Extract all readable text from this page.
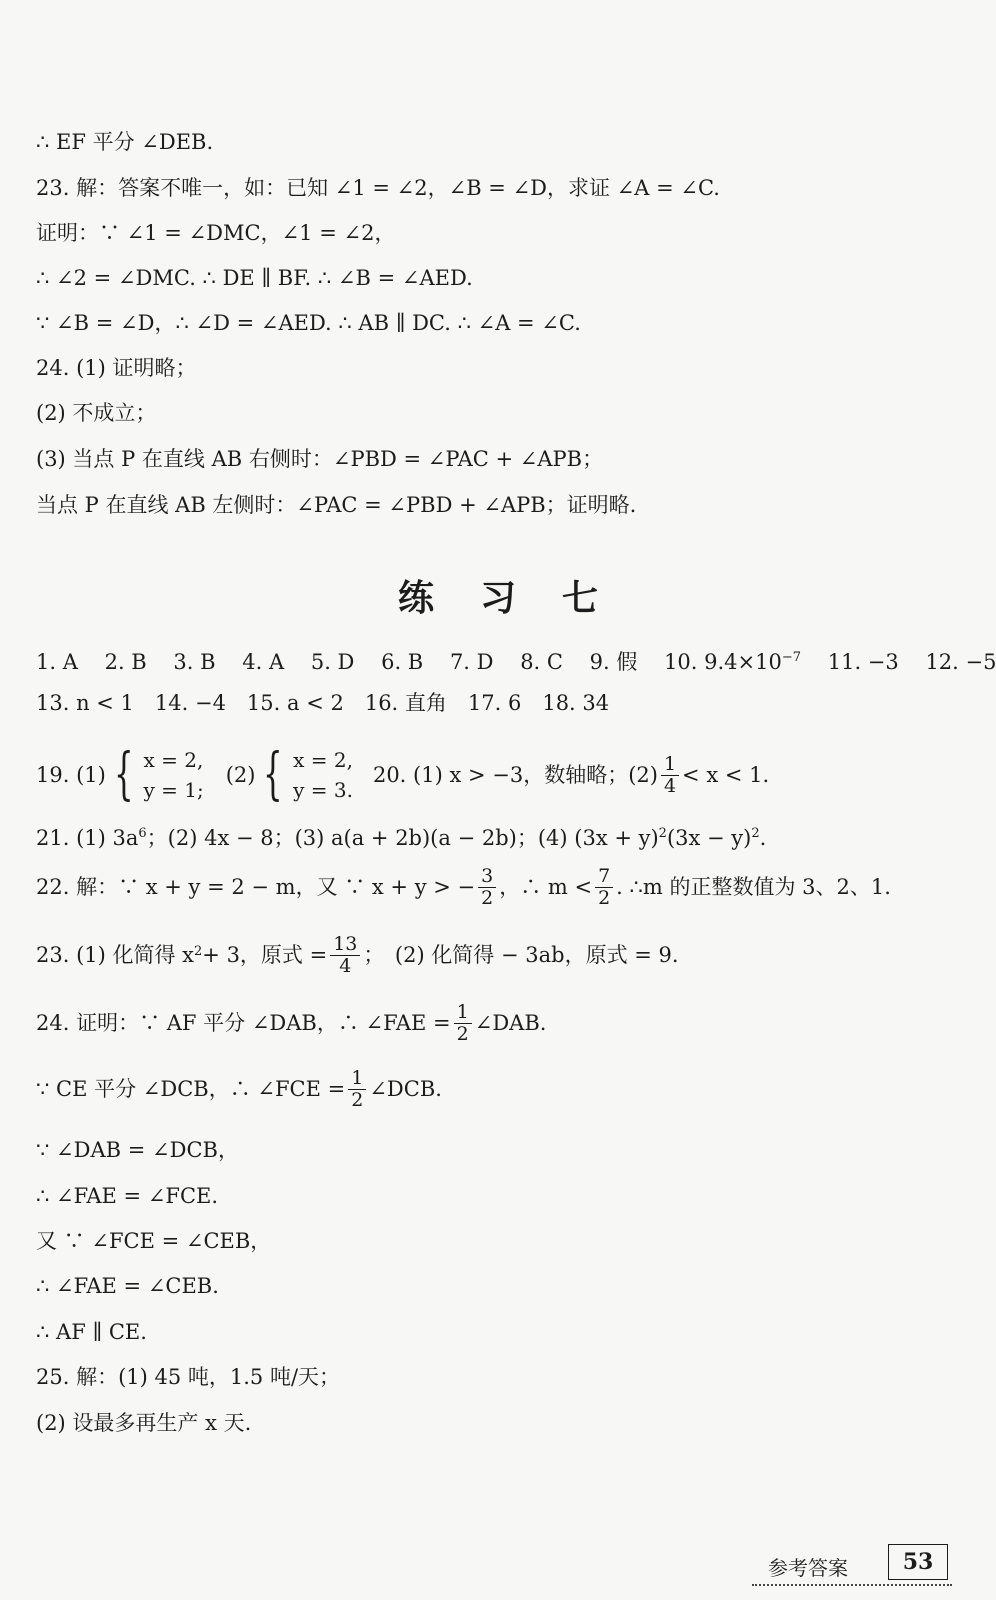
∴ EF 平分 ∠DEB.
23. 解：答案不唯一，如：已知 ∠1 = ∠2，∠B = ∠D，求证 ∠A = ∠C.
证明：∵ ∠1 = ∠DMC，∠1 = ∠2，
∴ ∠2 = ∠DMC. ∴ DE ∥ BF. ∴ ∠B = ∠AED.
∵ ∠B = ∠D，∴ ∠D = ∠AED. ∴ AB ∥ DC. ∴ ∠A = ∠C.
24. (1) 证明略；
(2) 不成立；
(3) 当点 P 在直线 AB 右侧时：∠PBD = ∠PAC + ∠APB；
当点 P 在直线 AB 左侧时：∠PAC = ∠PBD + ∠APB；证明略.
练习七
1. A 2. B 3. B 4. A 5. D 6. B 7. D 8. C 9. 假 10. $9.4\times 10^{-7}$ 11. −3 12. −5
13. n < 1　14. −4　15. a < 2　16. 直角　17. 6　18. 34
19. (1) { x = 2,
y = 1;
(2) { x = 2,
y = 3.
20. (1) x > −3，数轴略；$(2) \frac{1}{4} < x < 1$.
21. (1) $3a^6$；(2) 4x − 8；(3) a(a + 2b)(a − 2b)；(4) $(3x + y)^2(3x - y)^2$.
22. 解：∵ x + y = 2 − m，又 ∵ x + y > − $\frac{3}{2}$ ，∴ $m < \frac{7}{2}$ . ∴m 的正整数值为 3、2、1.
23. (1) 化简得 x 2 + 3，原式 = $\frac{13}{4}$ ；　(2) 化简得 − 3ab，原式 = 9.
24. 证明：∵ AF 平分 ∠DAB，∴ ∠FAE = $\frac{1}{2}$ ∠DAB.
∵ CE 平分 ∠DCB，∴ ∠FCE = $\frac{1}{2}$ ∠DCB.
∵ ∠DAB = ∠DCB，
∴ ∠FAE = ∠FCE.
又 ∵ ∠FCE = ∠CEB，
∴ ∠FAE = ∠CEB.
∴ AF ∥ CE.
25. 解：(1) 45 吨，1.5 吨/天；
(2) 设最多再生产 x 天.
参考答案	53
